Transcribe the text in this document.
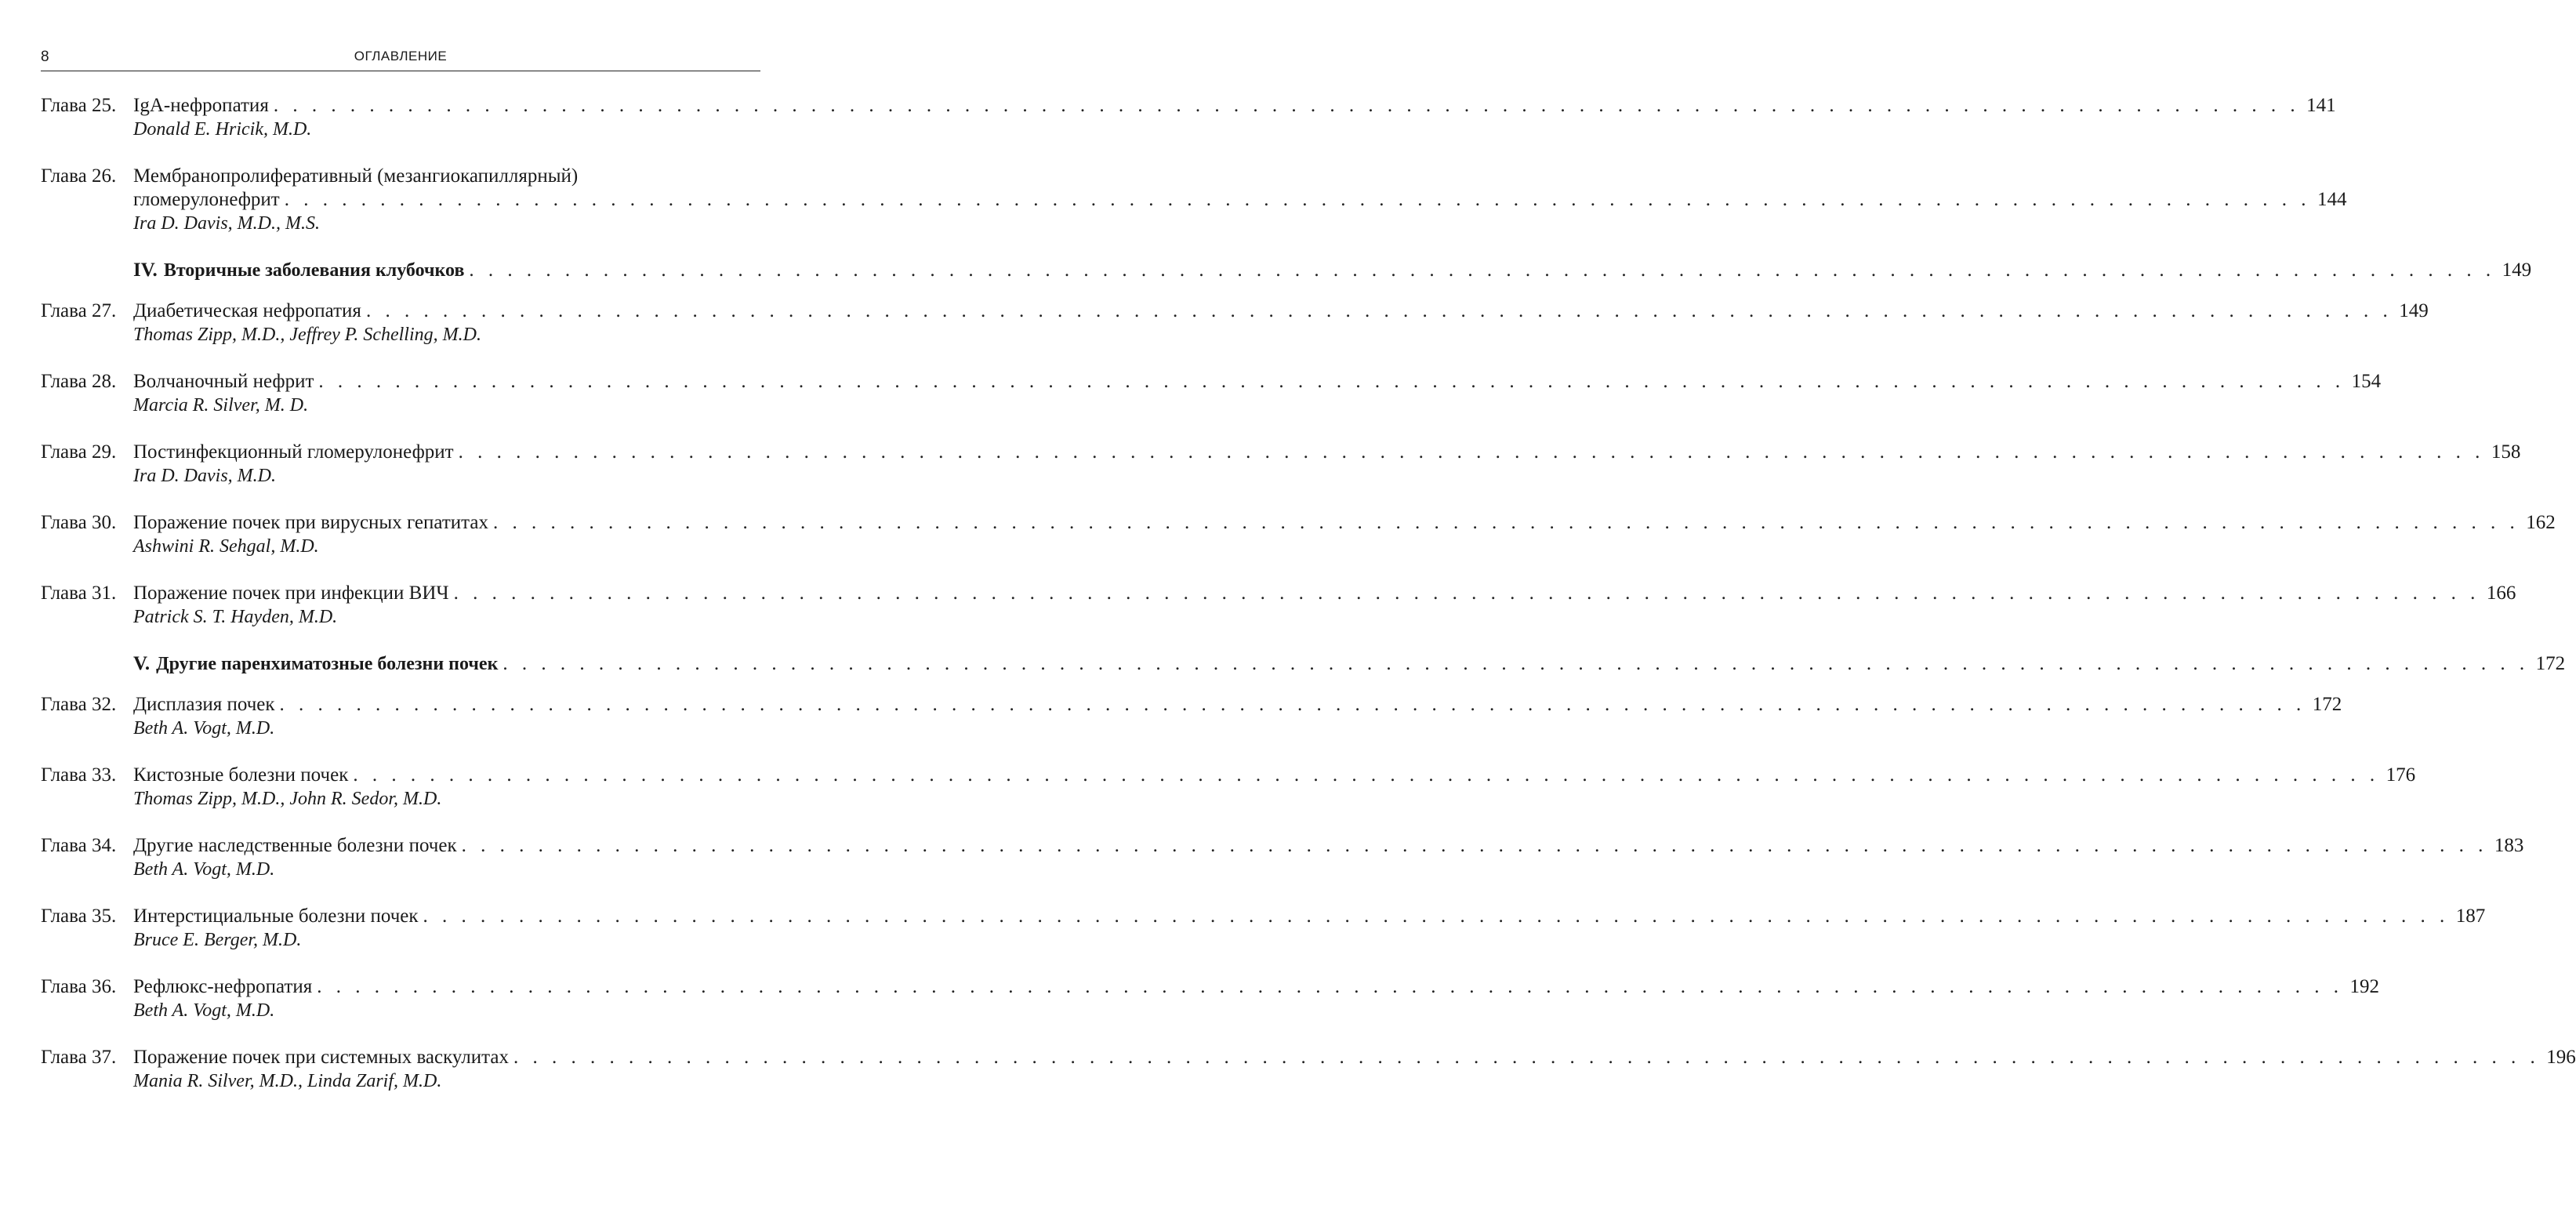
8	ОГЛАВЛЕНИЕ
Глава 25. IgA-нефропатия . . .	141
Donald E. Hricik, M.D.
Глава 26. Мембранопролиферативный (мезангиокапиллярный)
гломерулонефрит . . .	144
Ira D. Davis, M.D., M.S.
IV. Вторичные заболевания клубочков . . .	149
Глава 27. Диабетическая нефропатия . . .	149
Thomas Zipp, M.D., Jeffrey P. Schelling, M.D.
Глава 28. Волчаночный нефрит . . .	154
Marcia R. Silver, M. D.
Глава 29. Постинфекционный гломерулонефрит . . .	158
Ira D. Davis, M.D.
Глава 30. Поражение почек при вирусных гепатитах . . .	162
Ashwini R. Sehgal, M.D.
Глава 31. Поражение почек при инфекции ВИЧ . . .	166
Patrick S. T. Hayden, M.D.
V. Другие паренхиматозные болезни почек . . .	172
Глава 32. Дисплазия почек . . .	172
Beth A. Vogt, M.D.
Глава 33. Кистозные болезни почек . . .	176
Thomas Zipp, M.D., John R. Sedor, M.D.
Глава 34. Другие наследственные болезни почек . . .	183
Beth A. Vogt, M.D.
Глава 35. Интерстициальные болезни почек . . .	187
Bruce E. Berger, M.D.
Глава 36. Рефлюкс-нефропатия . . .	192
Beth A. Vogt, M.D.
Глава 37. Поражение почек при системных васкулитах . . .	196
Mania R. Silver, M.D., Linda Zarif, M.D.
